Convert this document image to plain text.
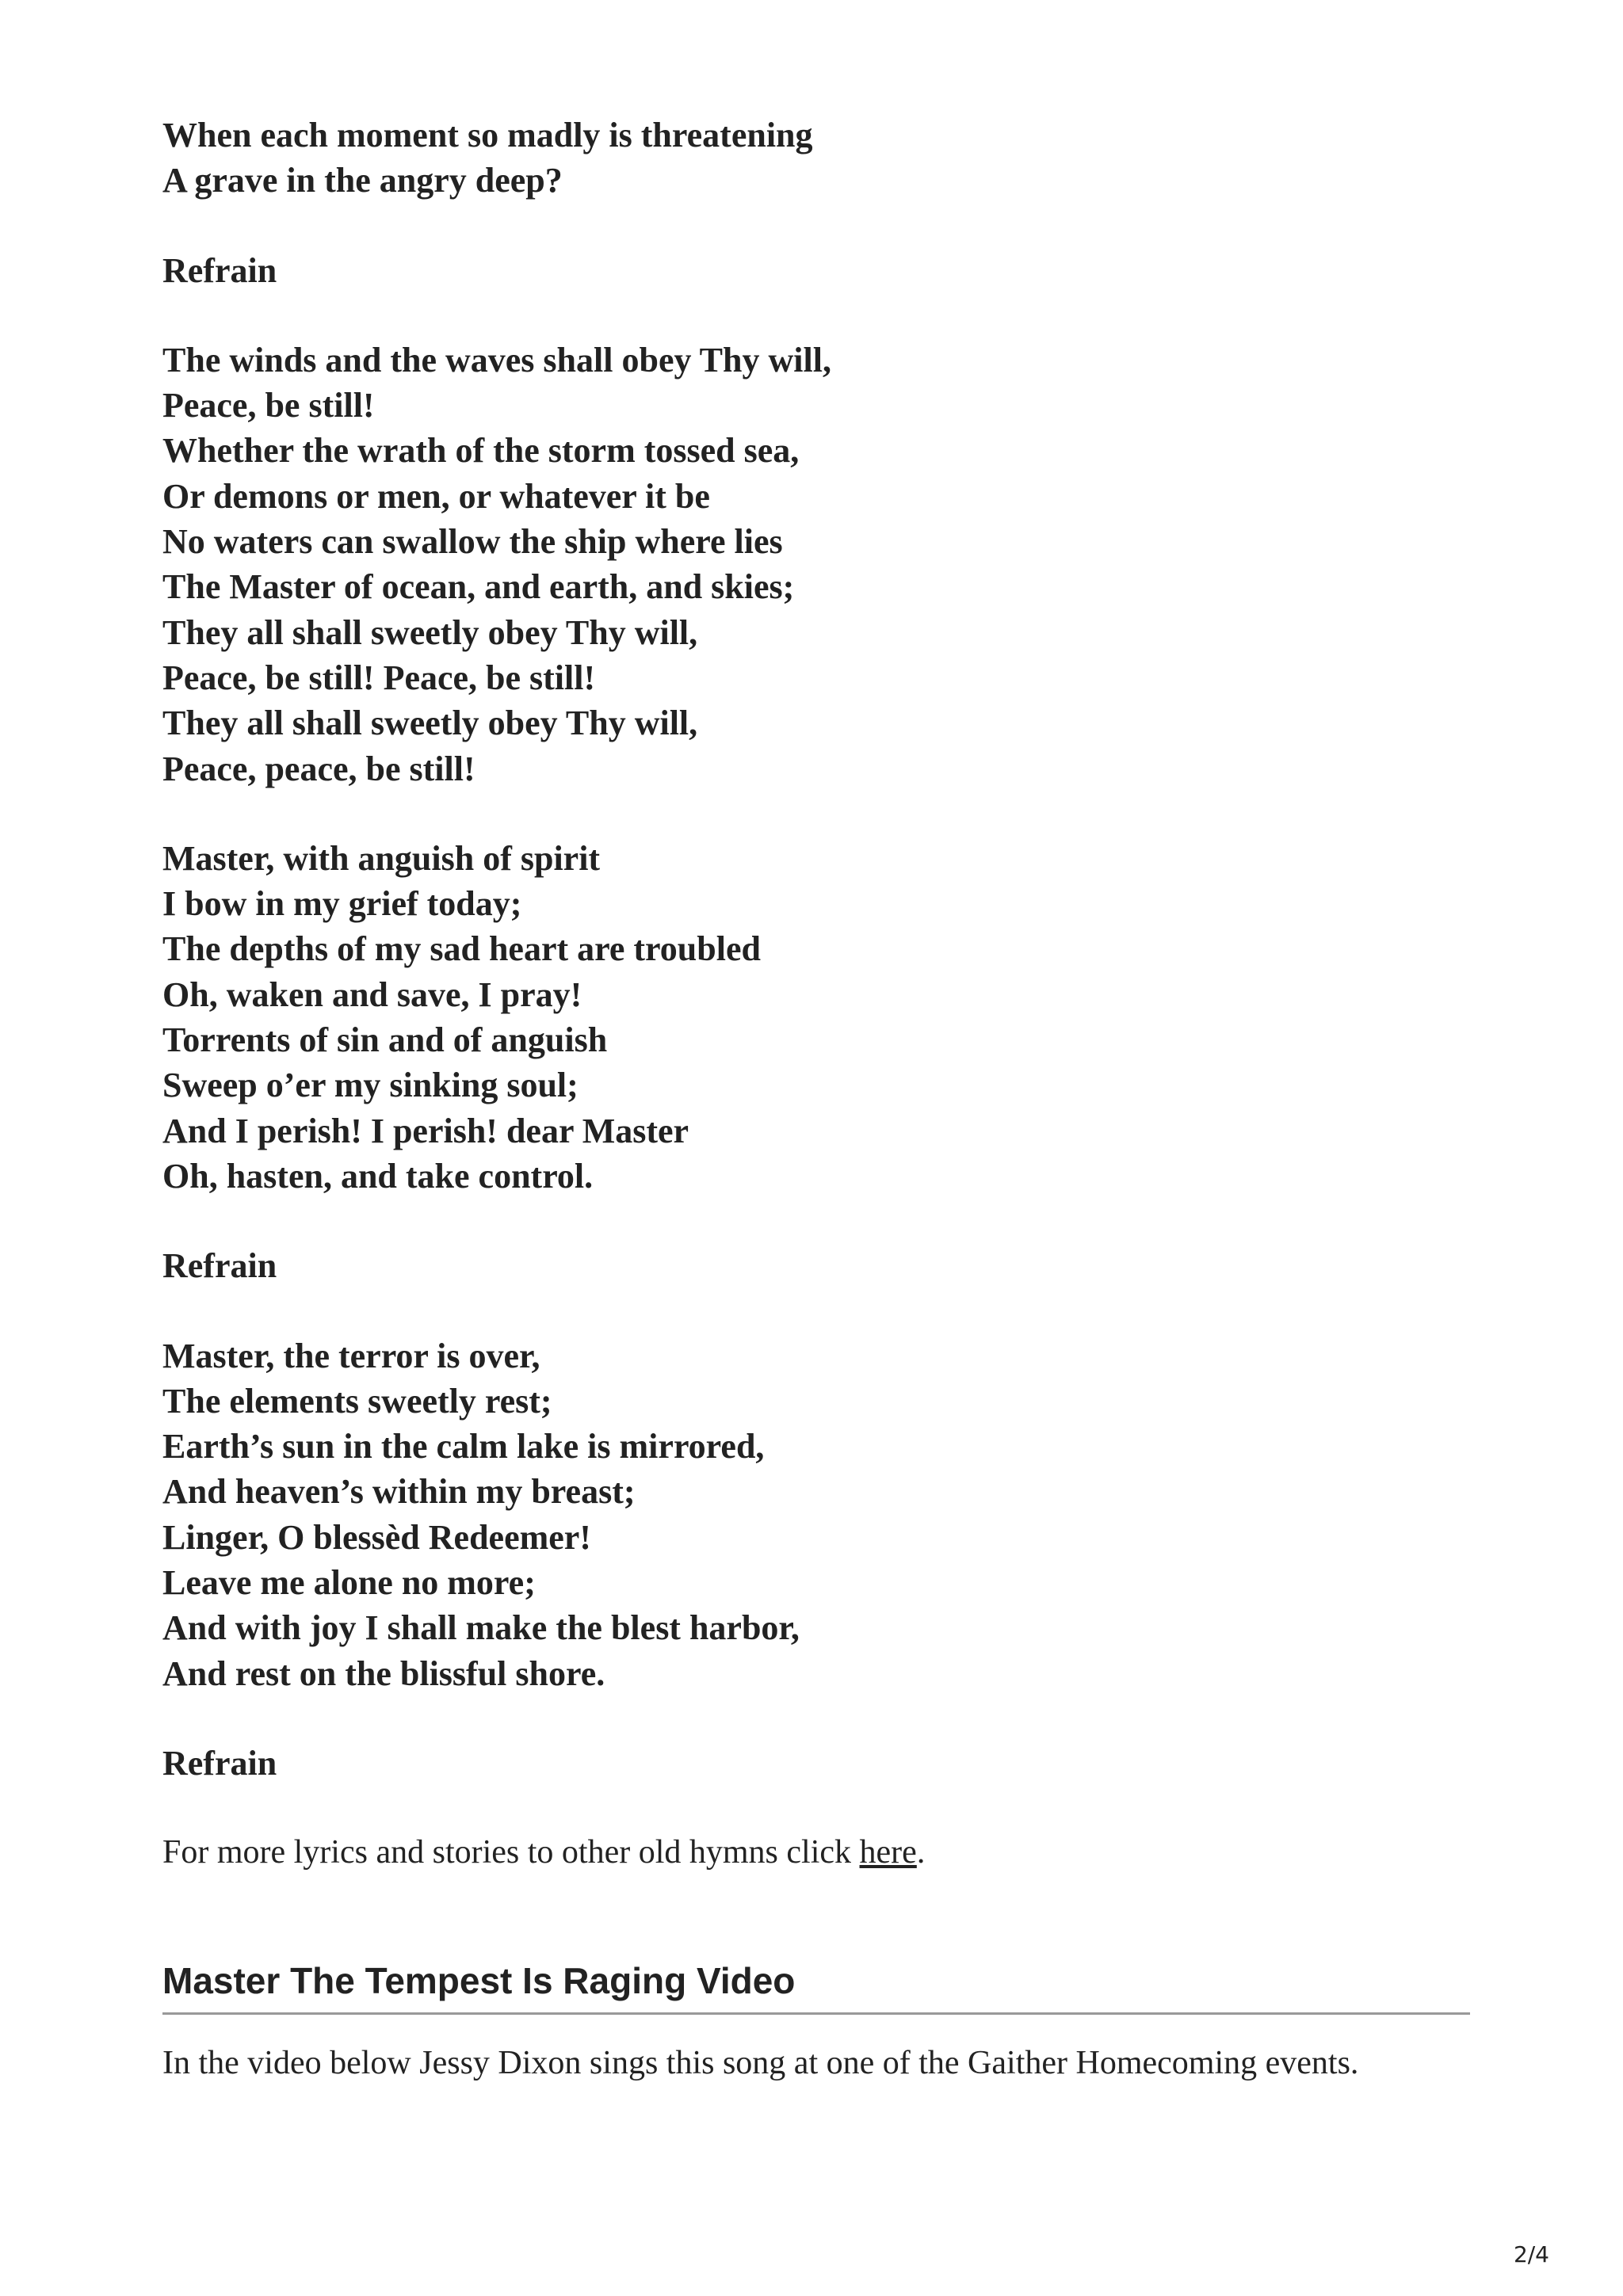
When each moment so madly is threatening
A grave in the angry deep?
Refrain
The winds and the waves shall obey Thy will,
Peace, be still!
Whether the wrath of the storm tossed sea,
Or demons or men, or whatever it be
No waters can swallow the ship where lies
The Master of ocean, and earth, and skies;
They all shall sweetly obey Thy will,
Peace, be still! Peace, be still!
They all shall sweetly obey Thy will,
Peace, peace, be still!
Master, with anguish of spirit
I bow in my grief today;
The depths of my sad heart are troubled
Oh, waken and save, I pray!
Torrents of sin and of anguish
Sweep o’er my sinking soul;
And I perish! I perish! dear Master
Oh, hasten, and take control.
Refrain
Master, the terror is over,
The elements sweetly rest;
Earth’s sun in the calm lake is mirrored,
And heaven’s within my breast;
Linger, O blessèd Redeemer!
Leave me alone no more;
And with joy I shall make the blest harbor,
And rest on the blissful shore.
Refrain

For more lyrics and stories to other old hymns click here.

Master The Tempest Is Raging Video

In the video below Jessy Dixon sings this song at one of the Gaither Homecoming events.

2/4
